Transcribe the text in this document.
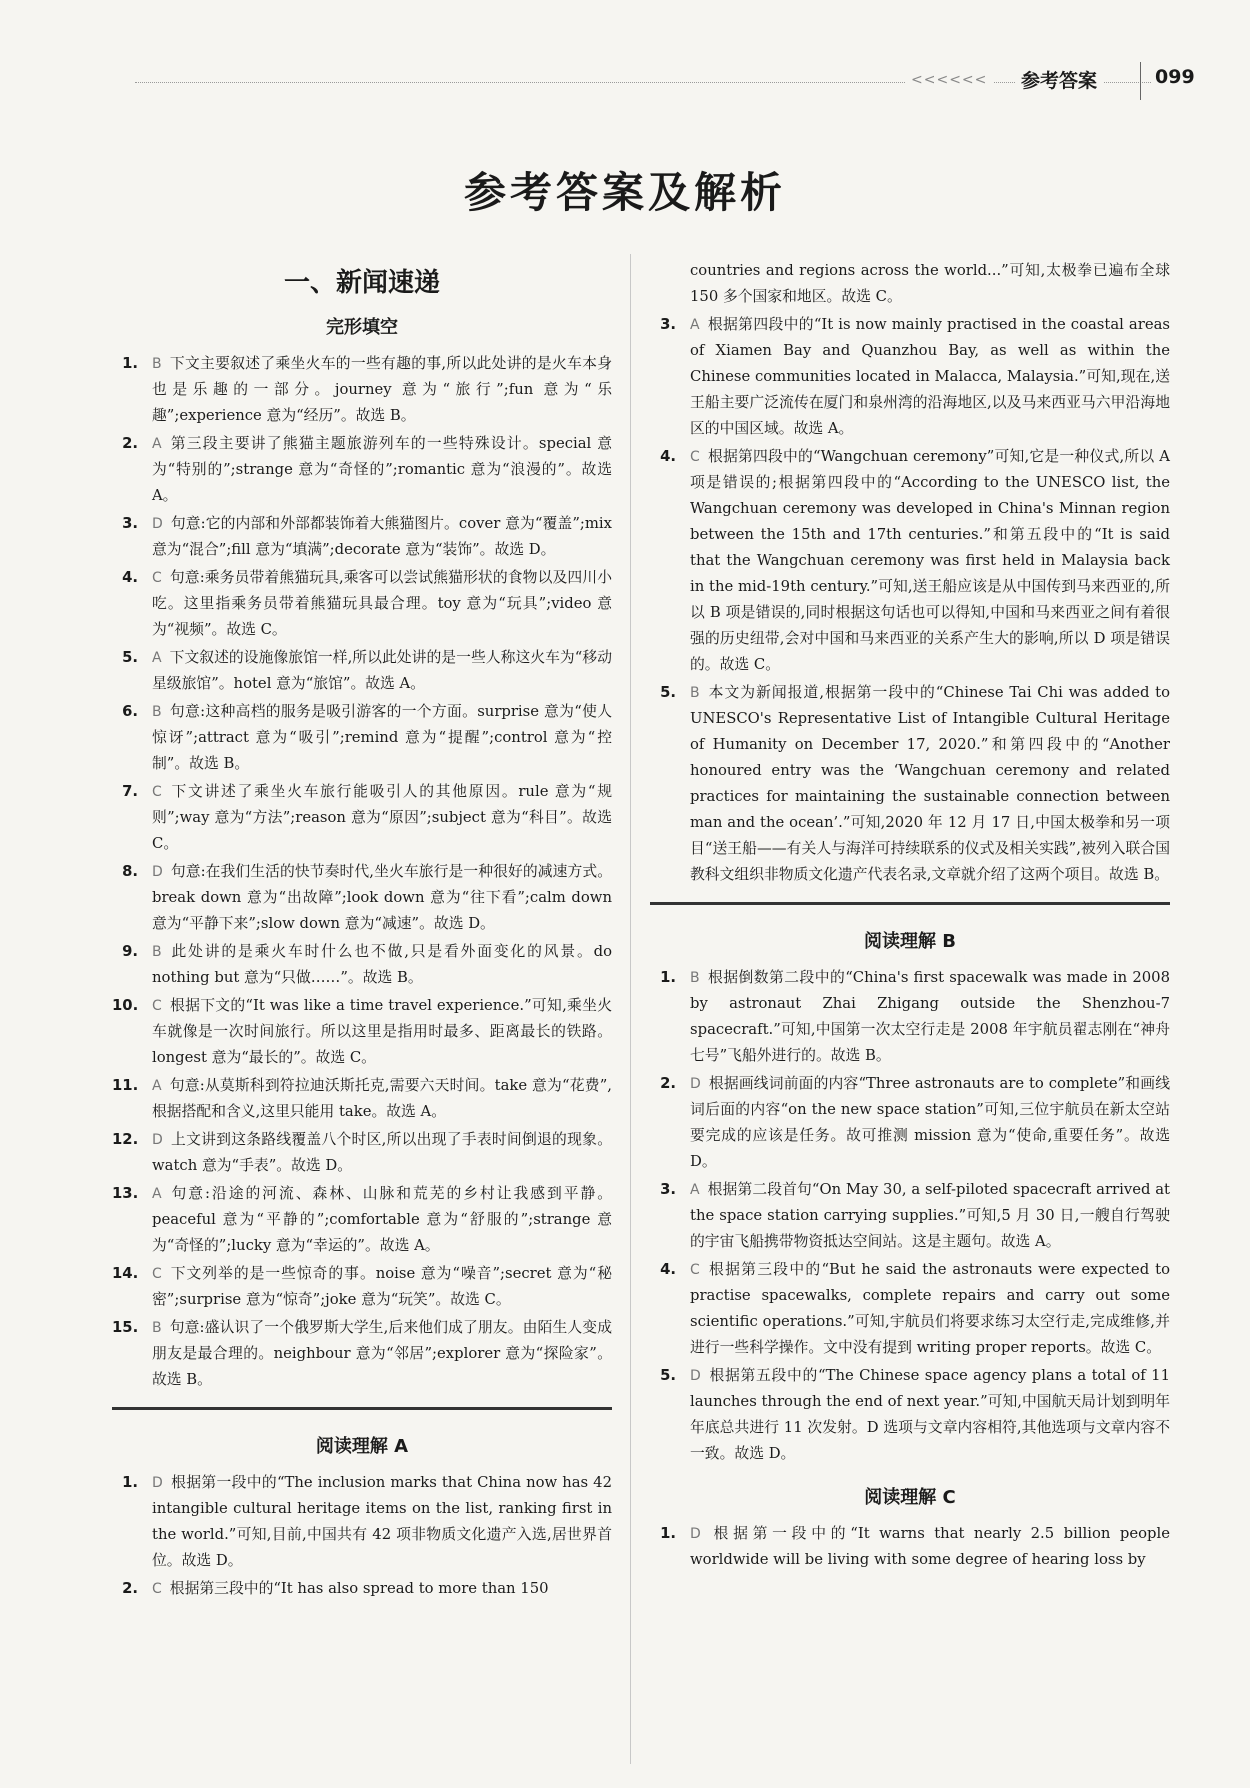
<<<<<<	参考答案	099
参考答案及解析
一、新闻速递
完形填空
1. B 下文主要叙述了乘坐火车的一些有趣的事,所以此处讲的是火车本身也是乐趣的一部分。journey 意为“旅行”;fun 意为“乐趣”;experience 意为“经历”。故选 B。
2. A 第三段主要讲了熊猫主题旅游列车的一些特殊设计。special 意为“特别的”;strange 意为“奇怪的”;romantic 意为“浪漫的”。故选 A。
3. D 句意:它的内部和外部都装饰着大熊猫图片。cover 意为“覆盖”;mix 意为“混合”;fill 意为“填满”;decorate 意为“装饰”。故选 D。
4. C 句意:乘务员带着熊猫玩具,乘客可以尝试熊猫形状的食物以及四川小吃。这里指乘务员带着熊猫玩具最合理。toy 意为“玩具”;video 意为“视频”。故选 C。
5. A 下文叙述的设施像旅馆一样,所以此处讲的是一些人称这火车为“移动星级旅馆”。hotel 意为“旅馆”。故选 A。
6. B 句意:这种高档的服务是吸引游客的一个方面。surprise 意为“使人惊讶”;attract 意为“吸引”;remind 意为“提醒”;control 意为“控制”。故选 B。
7. C 下文讲述了乘坐火车旅行能吸引人的其他原因。rule 意为“规则”;way 意为“方法”;reason 意为“原因”;subject 意为“科目”。故选 C。
8. D 句意:在我们生活的快节奏时代,坐火车旅行是一种很好的减速方式。break down 意为“出故障”;look down 意为“往下看”;calm down 意为“平静下来”;slow down 意为“减速”。故选 D。
9. B 此处讲的是乘火车时什么也不做,只是看外面变化的风景。do nothing but 意为“只做……”。故选 B。
10. C 根据下文的“It was like a time travel experience.”可知,乘坐火车就像是一次时间旅行。所以这里是指用时最多、距离最长的铁路。longest 意为“最长的”。故选 C。
11. A 句意:从莫斯科到符拉迪沃斯托克,需要六天时间。take 意为“花费”,根据搭配和含义,这里只能用 take。故选 A。
12. D 上文讲到这条路线覆盖八个时区,所以出现了手表时间倒退的现象。watch 意为“手表”。故选 D。
13. A 句意:沿途的河流、森林、山脉和荒芜的乡村让我感到平静。peaceful 意为“平静的”;comfortable 意为“舒服的”;strange 意为“奇怪的”;lucky 意为“幸运的”。故选 A。
14. C 下文列举的是一些惊奇的事。noise 意为“噪音”;secret 意为“秘密”;surprise 意为“惊奇”;joke 意为“玩笑”。故选 C。
15. B 句意:盛认识了一个俄罗斯大学生,后来他们成了朋友。由陌生人变成朋友是最合理的。neighbour 意为“邻居”;explorer 意为“探险家”。故选 B。
阅读理解 A
1. D 根据第一段中的“The inclusion marks that China now has 42 intangible cultural heritage items on the list, ranking first in the world.”可知,目前,中国共有 42 项非物质文化遗产入选,居世界首位。故选 D。
2. C 根据第三段中的“It has also spread to more than 150
countries and regions across the world...”可知,太极拳已遍布全球 150 多个国家和地区。故选 C。
3. A 根据第四段中的“It is now mainly practised in the coastal areas of Xiamen Bay and Quanzhou Bay, as well as within the Chinese communities located in Malacca, Malaysia.”可知,现在,送王船主要广泛流传在厦门和泉州湾的沿海地区,以及马来西亚马六甲沿海地区的中国区域。故选 A。
4. C 根据第四段中的“Wangchuan ceremony”可知,它是一种仪式,所以 A 项是错误的;根据第四段中的“According to the UNESCO list, the Wangchuan ceremony was developed in China's Minnan region between the 15th and 17th centuries.”和第五段中的“It is said that the Wangchuan ceremony was first held in Malaysia back in the mid-19th century.”可知,送王船应该是从中国传到马来西亚的,所以 B 项是错误的,同时根据这句话也可以得知,中国和马来西亚之间有着很强的历史纽带,会对中国和马来西亚的关系产生大的影响,所以 D 项是错误的。故选 C。
5. B 本文为新闻报道,根据第一段中的“Chinese Tai Chi was added to UNESCO's Representative List of Intangible Cultural Heritage of Humanity on December 17, 2020.”和第四段中的“Another honoured entry was the ‘Wangchuan ceremony and related practices for maintaining the sustainable connection between man and the ocean’.”可知,2020 年 12 月 17 日,中国太极拳和另一项目“送王船——有关人与海洋可持续联系的仪式及相关实践”,被列入联合国教科文组织非物质文化遗产代表名录,文章就介绍了这两个项目。故选 B。
阅读理解 B
1. B 根据倒数第二段中的“China's first spacewalk was made in 2008 by astronaut Zhai Zhigang outside the Shenzhou-7 spacecraft.”可知,中国第一次太空行走是 2008 年宇航员翟志刚在“神舟七号”飞船外进行的。故选 B。
2. D 根据画线词前面的内容“Three astronauts are to complete”和画线词后面的内容“on the new space station”可知,三位宇航员在新太空站要完成的应该是任务。故可推测 mission 意为“使命,重要任务”。故选 D。
3. A 根据第二段首句“On May 30, a self-piloted spacecraft arrived at the space station carrying supplies.”可知,5 月 30 日,一艘自行驾驶的宇宙飞船携带物资抵达空间站。这是主题句。故选 A。
4. C 根据第三段中的“But he said the astronauts were expected to practise spacewalks, complete repairs and carry out some scientific operations.”可知,宇航员们将要求练习太空行走,完成维修,并进行一些科学操作。文中没有提到 writing proper reports。故选 C。
5. D 根据第五段中的“The Chinese space agency plans a total of 11 launches through the end of next year.”可知,中国航天局计划到明年年底总共进行 11 次发射。D 选项与文章内容相符,其他选项与文章内容不一致。故选 D。
阅读理解 C
1. D 根据第一段中的“It warns that nearly 2.5 billion people worldwide will be living with some degree of hearing loss by
